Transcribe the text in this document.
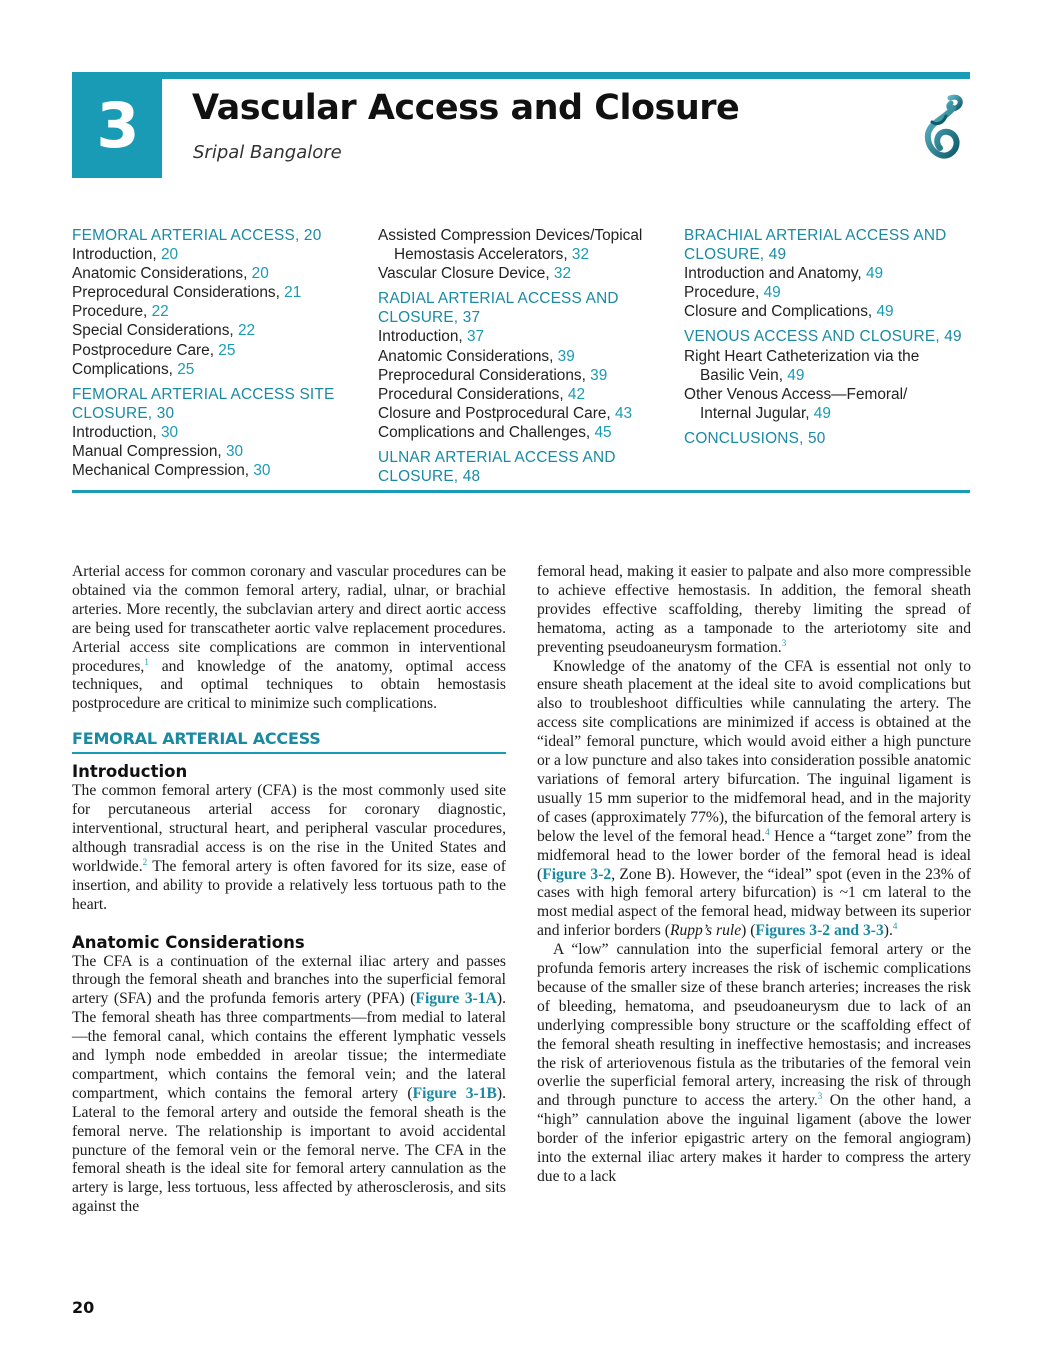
3 Vascular Access and Closure
Sripal Bangalore
FEMORAL ARTERIAL ACCESS, 20
Introduction, 20
Anatomic Considerations, 20
Preprocedural Considerations, 21
Procedure, 22
Special Considerations, 22
Postprocedure Care, 25
Complications, 25
FEMORAL ARTERIAL ACCESS SITE CLOSURE, 30
Introduction, 30
Manual Compression, 30
Mechanical Compression, 30
Assisted Compression Devices/Topical
Hemostasis Accelerators, 32
Vascular Closure Device, 32
RADIAL ARTERIAL ACCESS AND CLOSURE, 37
Introduction, 37
Anatomic Considerations, 39
Preprocedural Considerations, 39
Procedural Considerations, 42
Closure and Postprocedural Care, 43
Complications and Challenges, 45
ULNAR ARTERIAL ACCESS AND CLOSURE, 48
BRACHIAL ARTERIAL ACCESS AND CLOSURE, 49
Introduction and Anatomy, 49
Procedure, 49
Closure and Complications, 49
VENOUS ACCESS AND CLOSURE, 49
Right Heart Catheterization via the
Basilic Vein, 49
Other Venous Access—Femoral/
Internal Jugular, 49
CONCLUSIONS, 50

Arterial access for common coronary and vascular procedures can be obtained via the common femoral artery, radial, ulnar, or brachial arteries. More recently, the subclavian artery and direct aortic access are being used for transcatheter aortic valve replacement procedures. Arterial access site complications are common in interventional procedures,$^1$ and knowledge of the anatomy, optimal access techniques, and optimal techniques to obtain hemostasis postprocedure are critical to minimize such complications.

FEMORAL ARTERIAL ACCESS
Introduction

The common femoral artery (CFA) is the most commonly used site for percutaneous arterial access for coronary diagnostic, interventional, structural heart, and peripheral vascular procedures, although transradial access is on the rise in the United States and worldwide.$^2$ The femoral artery is often favored for its size, ease of insertion, and ability to provide a relatively less tortuous path to the heart.

Anatomic Considerations

The CFA is a continuation of the external iliac artery and passes through the femoral sheath and branches into the superficial femoral artery (SFA) and the profunda femoris artery (PFA) (Figure 3-1A). The femoral sheath has three compartments—from medial to lateral—the femoral canal, which contains the efferent lymphatic vessels and lymph node embedded in areolar tissue; the intermediate compartment, which contains the femoral vein; and the lateral compartment, which contains the femoral artery (Figure 3-1B). Lateral to the femoral artery and outside the femoral sheath is the femoral nerve. The relationship is important to avoid accidental puncture of the femoral vein or the femoral nerve. The CFA in the femoral sheath is the ideal site for femoral artery cannulation as the artery is large, less tortuous, less affected by atherosclerosis, and sits against the

femoral head, making it easier to palpate and also more compressible to achieve effective hemostasis. In addition, the femoral sheath provides effective scaffolding, thereby limiting the spread of hematoma, acting as a tamponade to the arteriotomy site and preventing pseudoaneurysm formation.$^3$

Knowledge of the anatomy of the CFA is essential not only to ensure sheath placement at the ideal site to avoid complications but also to troubleshoot difficulties while cannulating the artery. The access site complications are minimized if access is obtained at the “ideal” femoral puncture, which would avoid either a high puncture or a low puncture and also takes into consideration possible anatomic variations of femoral artery bifurcation. The inguinal ligament is usually 15 mm superior to the midfemoral head, and in the majority of cases (approximately 77%), the bifurcation of the femoral artery is below the level of the femoral head.$^4$ Hence a “target zone” from the midfemoral head to the lower border of the femoral head is ideal (Figure 3-2, Zone B). However, the “ideal” spot (even in the 23% of cases with high femoral artery bifurcation) is ~1 cm lateral to the most medial aspect of the femoral head, midway between its superior and inferior borders (Rupp’s rule) (Figures 3-2 and 3-3).$^4$

A “low” cannulation into the superficial femoral artery or the profunda femoris artery increases the risk of ischemic complications because of the smaller size of these branch arteries; increases the risk of bleeding, hematoma, and pseudoaneurysm due to lack of an underlying compressible bony structure or the scaffolding effect of the femoral sheath resulting in ineffective hemostasis; and increases the risk of arteriovenous fistula as the tributaries of the femoral vein overlie the superficial femoral artery, increasing the risk of through and through puncture to access the artery.$^3$ On the other hand, a “high” cannulation above the inguinal ligament (above the lower border of the inferior epigastric artery on the femoral angiogram) into the external iliac artery makes it harder to compress the artery due to a lack

20
